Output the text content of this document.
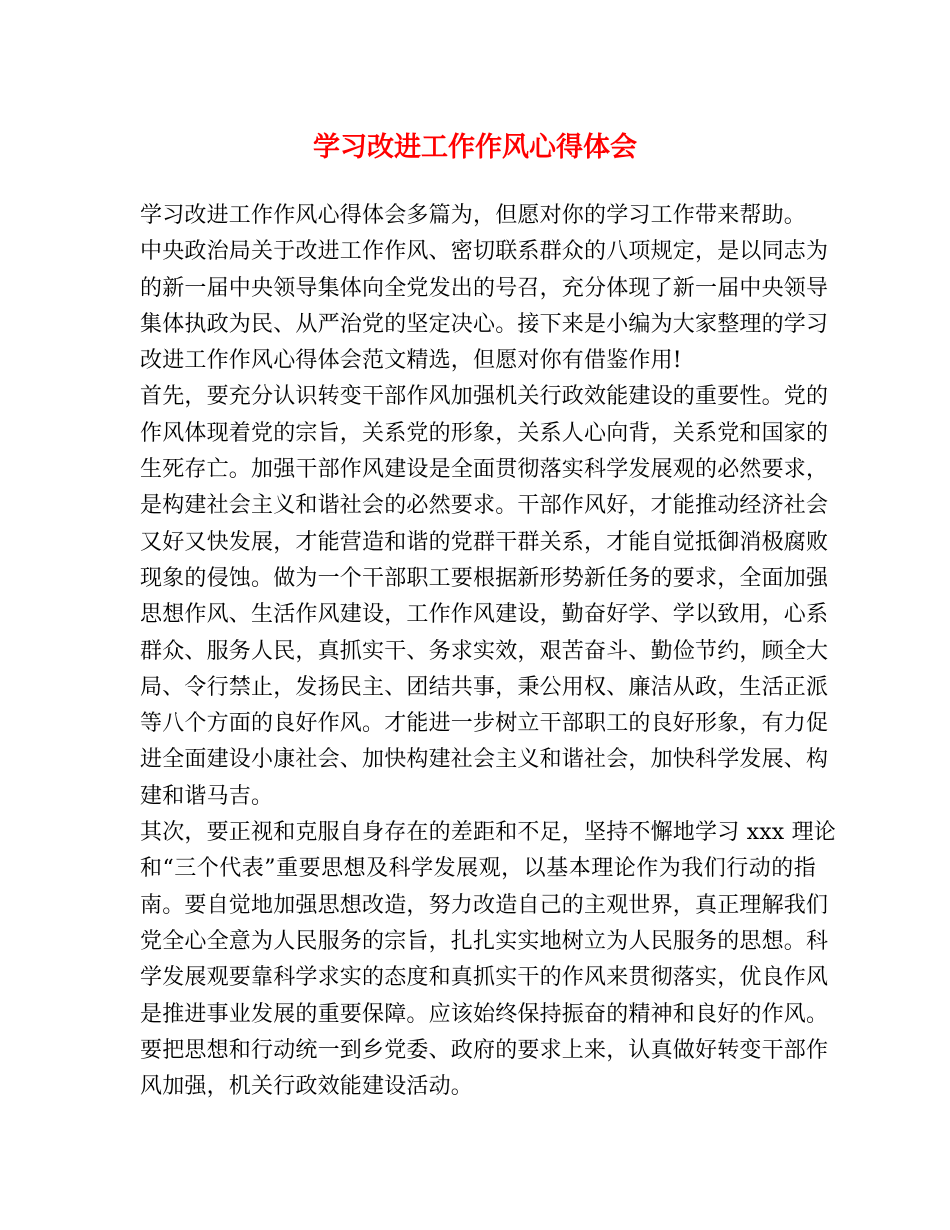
学习改进工作作风心得体会
学习改进工作作风心得体会多篇为，但愿对你的学习工作带来帮助。
中央政治局关于改进工作作风、密切联系群众的八项规定，是以同志为
的新一届中央领导集体向全党发出的号召，充分体现了新一届中央领导
集体执政为民、从严治党的坚定决心。接下来是小编为大家整理的学习
改进工作作风心得体会范文精选，但愿对你有借鉴作用!
首先，要充分认识转变干部作风加强机关行政效能建设的重要性。党的
作风体现着党的宗旨，关系党的形象，关系人心向背，关系党和国家的
生死存亡。加强干部作风建设是全面贯彻落实科学发展观的必然要求，
是构建社会主义和谐社会的必然要求。干部作风好，才能推动经济社会
又好又快发展，才能营造和谐的党群干群关系，才能自觉抵御消极腐败
现象的侵蚀。做为一个干部职工要根据新形势新任务的要求，全面加强
思想作风、生活作风建设，工作作风建设，勤奋好学、学以致用，心系
群众、服务人民，真抓实干、务求实效，艰苦奋斗、勤俭节约，顾全大
局、令行禁止，发扬民主、团结共事，秉公用权、廉洁从政，生活正派
等八个方面的良好作风。才能进一步树立干部职工的良好形象，有力促
进全面建设小康社会、加快构建社会主义和谐社会，加快科学发展、构
建和谐马吉。
其次，要正视和克服自身存在的差距和不足，坚持不懈地学习 xxx 理论
和“三个代表”重要思想及科学发展观，以基本理论作为我们行动的指
南。要自觉地加强思想改造，努力改造自己的主观世界，真正理解我们
党全心全意为人民服务的宗旨，扎扎实实地树立为人民服务的思想。科
学发展观要靠科学求实的态度和真抓实干的作风来贯彻落实，优良作风
是推进事业发展的重要保障。应该始终保持振奋的精神和良好的作风。
要把思想和行动统一到乡党委、政府的要求上来，认真做好转变干部作
风加强，机关行政效能建设活动。
